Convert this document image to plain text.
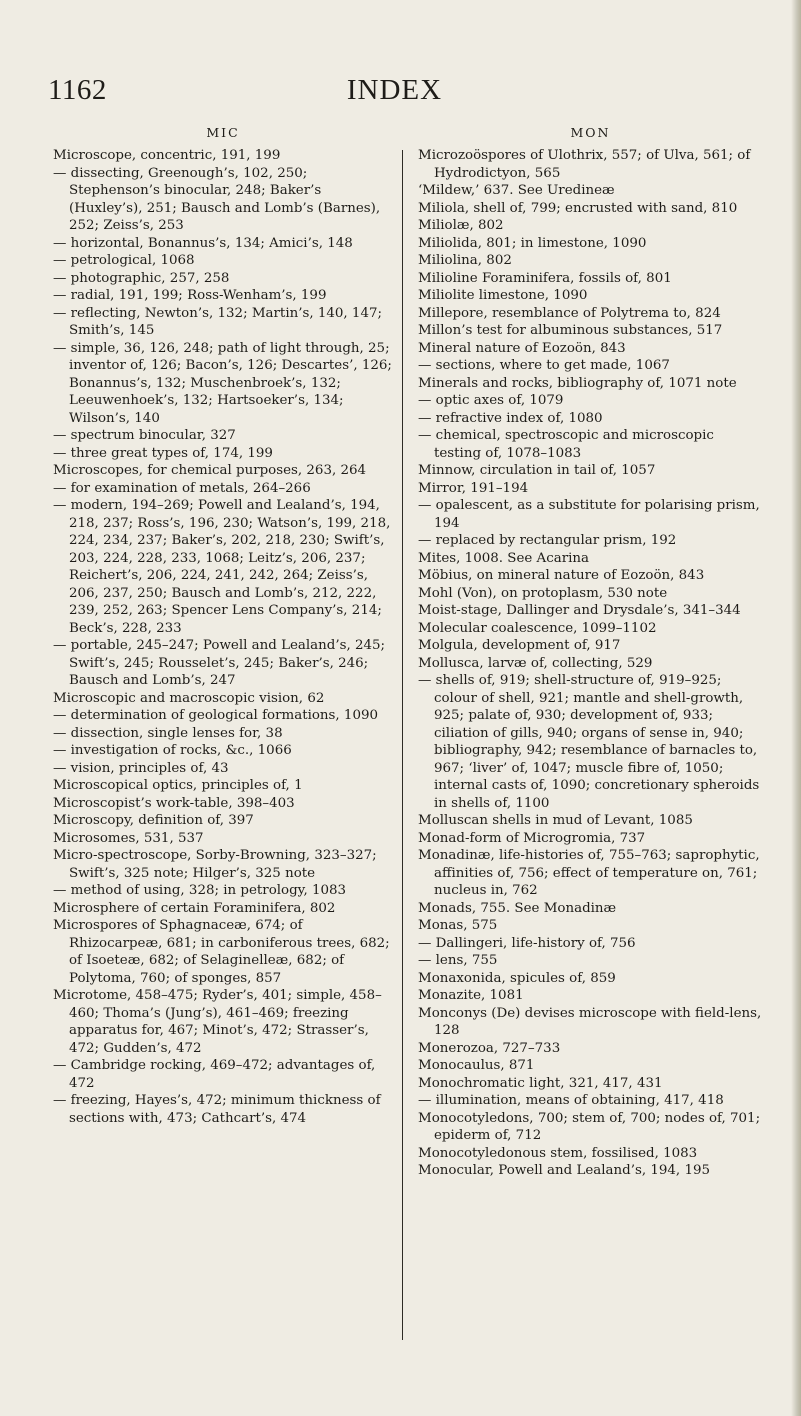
1162	INDEX
MIC

Microscope, concentric, 191, 199

— dissecting, Greenough’s, 102, 250; Stephenson’s binocular, 248; Baker’s (Huxley’s), 251; Bausch and Lomb’s (Barnes), 252; Zeiss’s, 253

— horizontal, Bonannus’s, 134; Amici’s, 148

— petrological, 1068

— photographic, 257, 258

— radial, 191, 199; Ross-Wenham’s, 199

— reflecting, Newton’s, 132; Martin’s, 140, 147; Smith’s, 145

— simple, 36, 126, 248; path of light through, 25; inventor of, 126; Bacon’s, 126; Descartes’, 126; Bonannus’s, 132; Muschenbroek’s, 132; Leeuwenhoek’s, 132; Hartsoeker’s, 134; Wilson’s, 140

— spectrum binocular, 327

— three great types of, 174, 199

Microscopes, for chemical purposes, 263, 264

— for examination of metals, 264–266

— modern, 194–269; Powell and Lealand’s, 194, 218, 237; Ross’s, 196, 230; Watson’s, 199, 218, 224, 234, 237; Baker’s, 202, 218, 230; Swift’s, 203, 224, 228, 233, 1068; Leitz’s, 206, 237; Reichert’s, 206, 224, 241, 242, 264; Zeiss’s, 206, 237, 250; Bausch and Lomb’s, 212, 222, 239, 252, 263; Spencer Lens Company’s, 214; Beck’s, 228, 233

— portable, 245–247; Powell and Lealand’s, 245; Swift’s, 245; Rousselet’s, 245; Baker’s, 246; Bausch and Lomb’s, 247

Microscopic and macroscopic vision, 62

— determination of geological formations, 1090

— dissection, single lenses for, 38

— investigation of rocks, &c., 1066

— vision, principles of, 43

Microscopical optics, principles of, 1

Microscopist’s work-table, 398–403

Microscopy, definition of, 397

Microsomes, 531, 537

Micro-spectroscope, Sorby-Browning, 323–327; Swift’s, 325 note; Hilger’s, 325 note

— method of using, 328; in petrology, 1083

Microsphere of certain Foraminifera, 802

Microspores of Sphagnaceæ, 674; of Rhizocarpeæ, 681; in carboniferous trees, 682; of Isoeteæ, 682; of Selaginelleæ, 682; of Polytoma, 760; of sponges, 857

Microtome, 458–475; Ryder’s, 401; simple, 458–460; Thoma’s (Jung’s), 461–469; freezing apparatus for, 467; Minot’s, 472; Strasser’s, 472; Gudden’s, 472

— Cambridge rocking, 469–472; advantages of, 472

— freezing, Hayes’s, 472; minimum thickness of sections with, 473; Cathcart’s, 474

MON

Microzoöspores of Ulothrix, 557; of Ulva, 561; of Hydrodictyon, 565

‘Mildew,’ 637. See Uredineæ

Miliola, shell of, 799; encrusted with sand, 810

Miliolæ, 802

Miliolida, 801; in limestone, 1090

Miliolina, 802

Milioline Foraminifera, fossils of, 801

Miliolite limestone, 1090

Millepore, resemblance of Polytrema to, 824

Millon’s test for albuminous substances, 517

Mineral nature of Eozoön, 843

— sections, where to get made, 1067

Minerals and rocks, bibliography of, 1071 note

— optic axes of, 1079

— refractive index of, 1080

— chemical, spectroscopic and microscopic testing of, 1078–1083

Minnow, circulation in tail of, 1057

Mirror, 191–194

— opalescent, as a substitute for polarising prism, 194

— replaced by rectangular prism, 192

Mites, 1008. See Acarina

Möbius, on mineral nature of Eozoön, 843

Mohl (Von), on protoplasm, 530 note

Moist-stage, Dallinger and Drysdale’s, 341–344

Molecular coalescence, 1099–1102

Molgula, development of, 917

Mollusca, larvæ of, collecting, 529

— shells of, 919; shell-structure of, 919–925; colour of shell, 921; mantle and shell-growth, 925; palate of, 930; development of, 933; ciliation of gills, 940; organs of sense in, 940; bibliography, 942; resemblance of barnacles to, 967; ‘liver’ of, 1047; muscle fibre of, 1050; internal casts of, 1090; concretionary spheroids in shells of, 1100

Molluscan shells in mud of Levant, 1085

Monad-form of Microgromia, 737

Monadinæ, life-histories of, 755–763; saprophytic, affinities of, 756; effect of temperature on, 761; nucleus in, 762

Monads, 755. See Monadinæ

Monas, 575

— Dallingeri, life-history of, 756

— lens, 755

Monaxonida, spicules of, 859

Monazite, 1081

Monconys (De) devises microscope with field-lens, 128

Monerozoa, 727–733

Monocaulus, 871

Monochromatic light, 321, 417, 431

— illumination, means of obtaining, 417, 418

Monocotyledons, 700; stem of, 700; nodes of, 701; epiderm of, 712

Monocotyledonous stem, fossilised, 1083

Monocular, Powell and Lealand’s, 194, 195
